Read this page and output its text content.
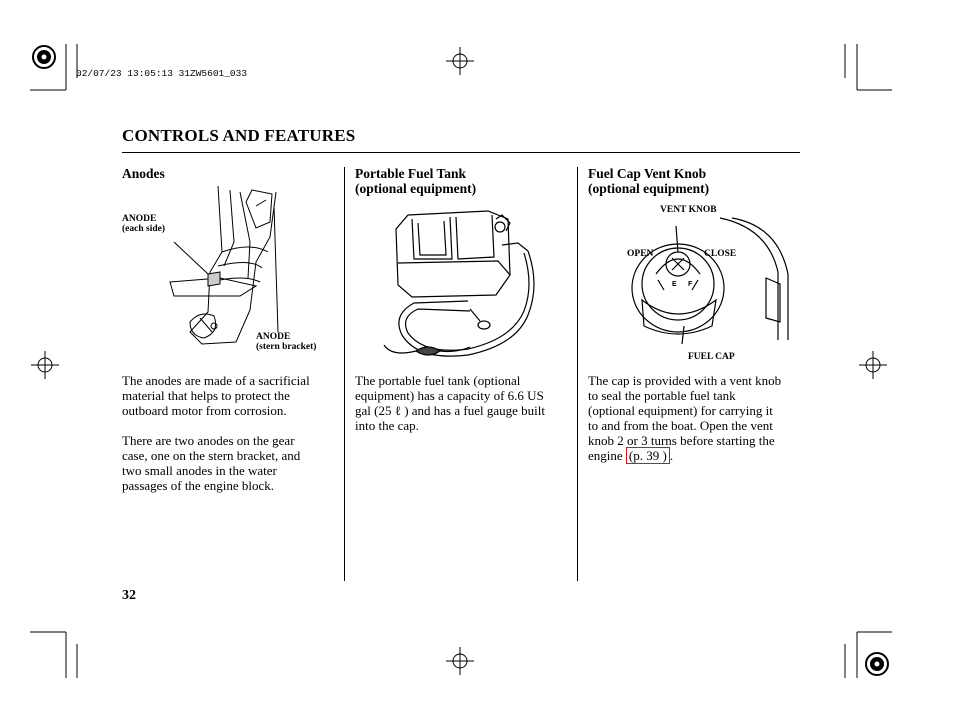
02/07/23 13:05:13 31ZW5601_033
CONTROLS AND FEATURES
Anodes
ANODE
(each side)
ANODE
(stern bracket)
The anodes are made of a sacrificial
material that helps to protect the
outboard motor from corrosion.
There are two anodes on the gear
case, one on the stern bracket, and
two small anodes in the water
passages of the engine block.
Portable Fuel Tank
(optional equipment)
The portable fuel tank (optional
equipment) has a capacity of 6.6 US
gal (25 ℓ ) and has a fuel gauge built
into the cap.
Fuel Cap Vent Knob
(optional equipment)
E F
VENT KNOB
OPEN	CLOSE
FUEL CAP
The cap is provided with a vent knob
to seal the portable fuel tank
(optional equipment) for carrying it
to and from the boat. Open the vent
knob 2 or 3 turns before starting the
engine (p. 39 ) .
32
